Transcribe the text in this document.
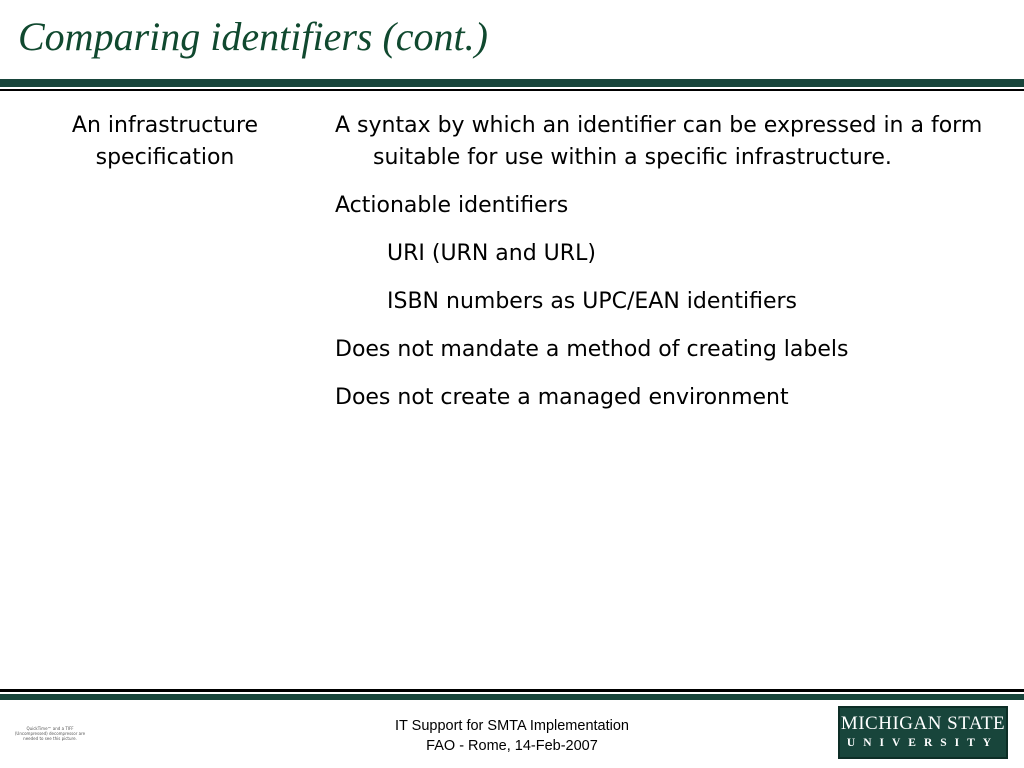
Comparing identifiers (cont.)

An infrastructure specification

A syntax by which an identifier can be expressed in a form suitable for use within a specific infrastructure.
Actionable identifiers
URI (URN and URL)
ISBN numbers as UPC/EAN identifiers
Does not mandate a method of creating labels
Does not create a managed environment
QuickTime™ and a TIFF (Uncompressed) decompressor are needed to see this picture.
IT Support for SMTA Implementation
FAO - Rome, 14-Feb-2007
MICHIGAN STATE
UNIVERSITY
